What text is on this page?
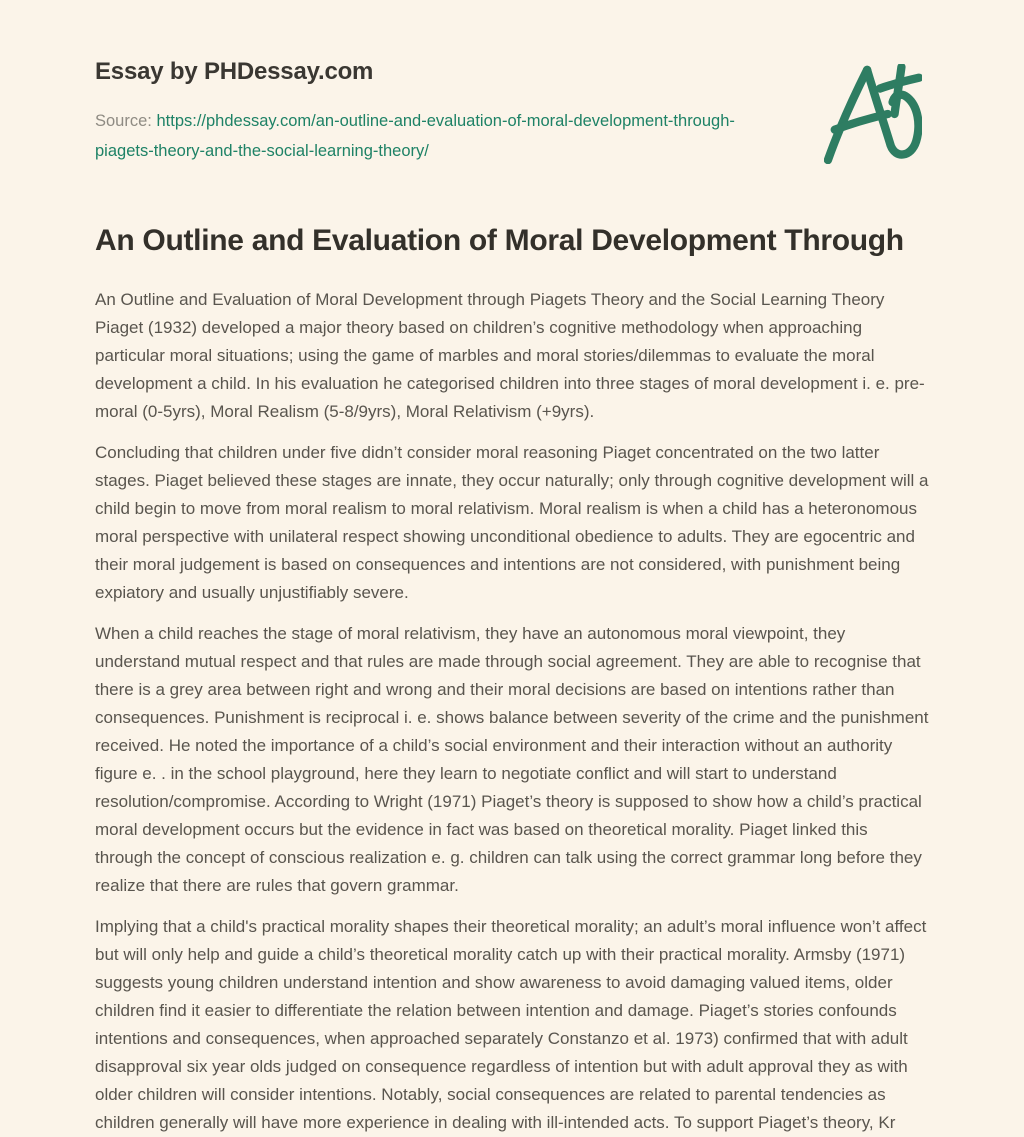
Essay by PHDessay.com
Source: https://phdessay.com/an-outline-and-evaluation-of-moral-development-through-
piagets-theory-and-the-social-learning-theory/
An Outline and Evaluation of Moral Development Through

An Outline and Evaluation of Moral Development through Piagets Theory and the Social Learning Theory Piaget (1932) developed a major theory based on children’s cognitive methodology when approaching particular moral situations; using the game of marbles and moral stories/dilemmas to evaluate the moral development a child. In his evaluation he categorised children into three stages of moral development i. e. pre-moral (0-5yrs), Moral Realism (5-8/9yrs), Moral Relativism (+9yrs).

Concluding that children under five didn’t consider moral reasoning Piaget concentrated on the two latter stages. Piaget believed these stages are innate, they occur naturally; only through cognitive development will a child begin to move from moral realism to moral relativism. Moral realism is when a child has a heteronomous moral perspective with unilateral respect showing unconditional obedience to adults. They are egocentric and their moral judgement is based on consequences and intentions are not considered, with punishment being expiatory and usually unjustifiably severe.

When a child reaches the stage of moral relativism, they have an autonomous moral viewpoint, they understand mutual respect and that rules are made through social agreement. They are able to recognise that there is a grey area between right and wrong and their moral decisions are based on intentions rather than consequences. Punishment is reciprocal i. e. shows balance between severity of the crime and the punishment received. He noted the importance of a child’s social environment and their interaction without an authority figure e. . in the school playground, here they learn to negotiate conflict and will start to understand resolution/compromise. According to Wright (1971) Piaget’s theory is supposed to show how a child’s practical moral development occurs but the evidence in fact was based on theoretical morality. Piaget linked this through the concept of conscious realization e. g. children can talk using the correct grammar long before they realize that there are rules that govern grammar.

Implying that a child's practical morality shapes their theoretical morality; an adult’s moral influence won’t affect but will only help and guide a child’s theoretical morality catch up with their practical morality. Armsby (1971) suggests young children understand intention and show awareness to avoid damaging valued items, older children find it easier to differentiate the relation between intention and damage. Piaget’s stories confounds intentions and consequences, when approached separately Constanzo et al. 1973) confirmed that with adult disapproval six year olds judged on consequence regardless of intention but with adult approval they as with older children will consider intentions. Notably, social consequences are related to parental tendencies as children generally will have more experience in dealing with ill-intended acts. To support Piaget’s theory, Kr
